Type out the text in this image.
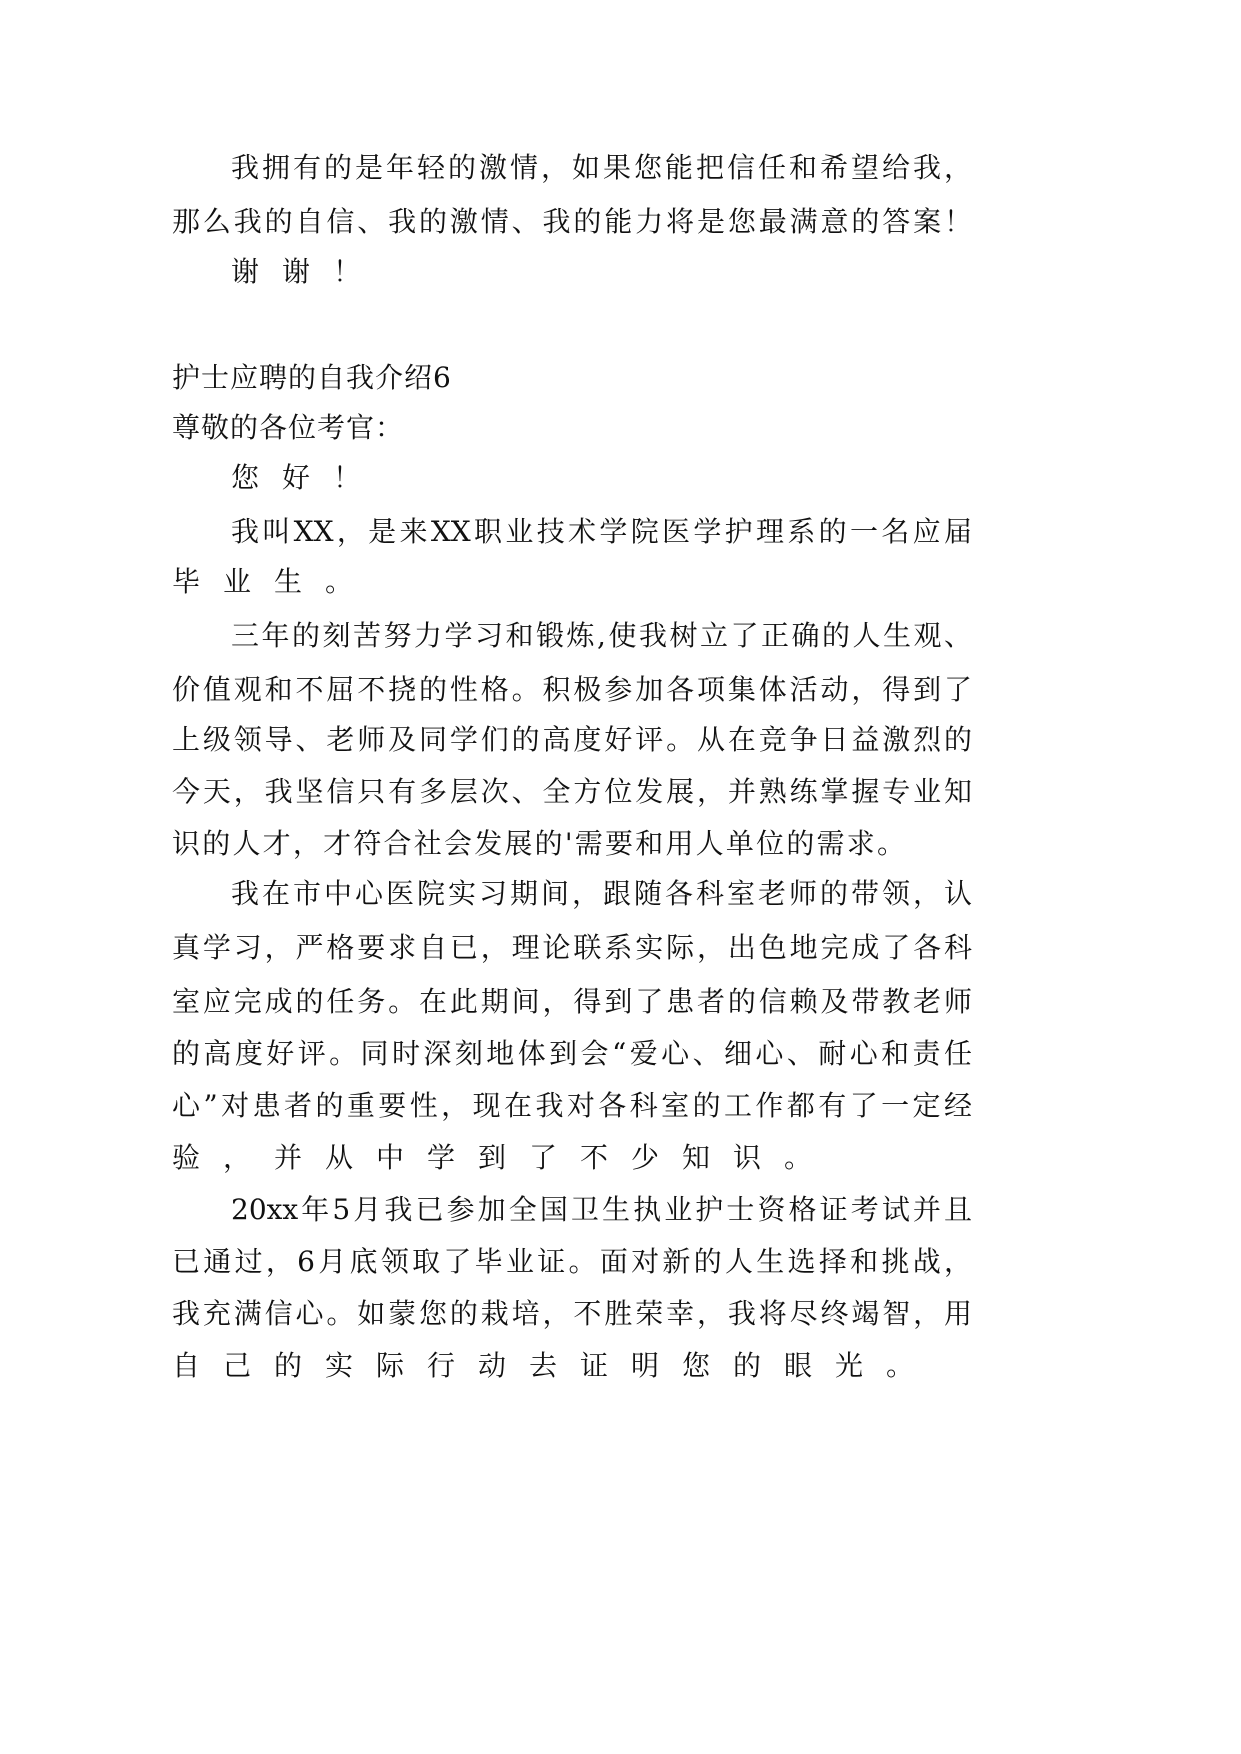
我拥有的是年轻的激情，如果您能把信任和希望给我，
那么我的自信、我的激情、我的能力将是您最满意的答案！
谢谢！
护士应聘的自我介绍6
尊敬的各位考官：
您好！
我叫XX，是来XX职业技术学院医学护理系的一名应届
毕业生。
三年的刻苦努力学习和锻炼,使我树立了正确的人生观、
价值观和不屈不挠的性格。积极参加各项集体活动，得到了
上级领导、老师及同学们的高度好评。从在竞争日益激烈的
今天，我坚信只有多层次、全方位发展，并熟练掌握专业知
识的人才，才符合社会发展的'需要和用人单位的需求。
我在市中心医院实习期间，跟随各科室老师的带领，认
真学习，严格要求自已，理论联系实际，出色地完成了各科
室应完成的任务。在此期间，得到了患者的信赖及带教老师
的高度好评。同时深刻地体到会“爱心、细心、耐心和责任
心”对患者的重要性，现在我对各科室的工作都有了一定经
验，并从中学到了不少知识。
20xx年5月我已参加全国卫生执业护士资格证考试并且
已通过，6月底领取了毕业证。面对新的人生选择和挑战，
我充满信心。如蒙您的栽培，不胜荣幸，我将尽终竭智，用
自己的实际行动去证明您的眼光。
